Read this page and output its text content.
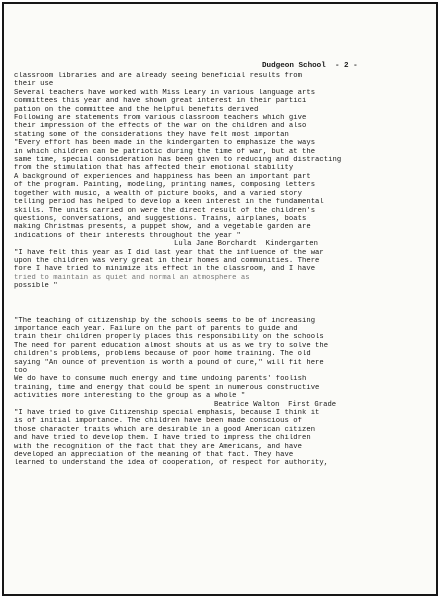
Dudgeon School - 2 -

classroom libraries and are already seeing beneficial results from
their use

Several teachers have worked with Miss Leary in various language arts
committees this year and have shown great interest in their partici
pation on the committee and the helpful benefits derived

Following are statements from various classroom teachers which give
their impression of the effects of the war on the children and also
stating some of the considerations they have felt most importan

"Every effort has been made in the kindergarten to emphasize the ways
in which children can be patriotic during the time of war, but at the
same time, special consideration has been given to reducing and distracting
from the stimulation that has affected their emotional stability

A background of experiences and happiness has been an important part
of the program. Painting, modeling, printing names, composing letters
together with music, a wealth of picture books, and a varied story
telling period has helped to develop a keen interest in the fundamental
skills. The units carried on were the direct result of the children's
questions, conversations, and suggestions. Trains, airplanes, boats
making Christmas presents, a puppet show, and a vegetable garden are
indications of their interests throughout the year "
Lula Jane Borchardt  Kindergarten

"I have felt this year as I did last year that the influence of the war
upon the children was very great in their homes and communities. There
fore I have tried to minimize its effect in the classroom, and I have
tried to maintain as quiet and normal an atmosphere as
possible "

"The teaching of citizenship by the schools seems to be of increasing
importance each year. Failure on the part of parents to guide and
train their children properly places this responsibility on the schools
The need for parent education almost shouts at us as we try to solve the
children's problems, problems because of poor home training. The old
saying "An ounce of prevention is worth a pound of cure," will fit here
too

We do have to consume much energy and time undoing parents' foolish
training, time and energy that could be spent in numerous constructive
activities more interesting to the group as a whole "
Beatrice Walton  First Grade

"I have tried to give Citizenship special emphasis, because I think it
is of initial importance. The children have been made conscious of
those character traits which are desirable in a good American citizen
and have tried to develop them. I have tried to impress the children
with the recognition of the fact that they are Americans, and have
developed an appreciation of the meaning of that fact. They have
learned to understand the idea of cooperation, of respect for authority,
